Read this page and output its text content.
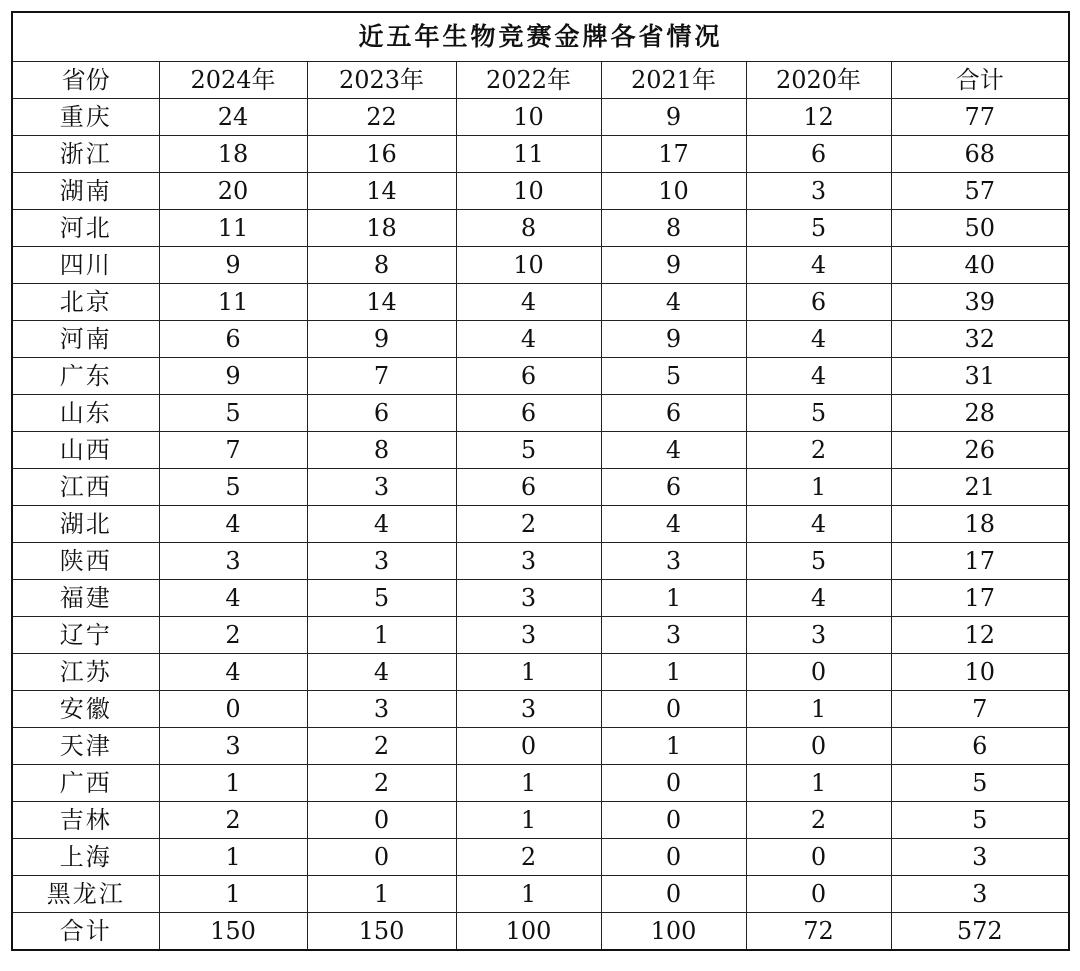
近五年生物竞赛金牌各省情况						
省份	2024年	2023年	2022年	2021年	2020年	合计
重庆	24	22	10	9	12	77
浙江	18	16	11	17	6	68
湖南	20	14	10	10	3	57
河北	11	18	8	8	5	50
四川	9	8	10	9	4	40
北京	11	14	4	4	6	39
河南	6	9	4	9	4	32
广东	9	7	6	5	4	31
山东	5	6	6	6	5	28
山西	7	8	5	4	2	26
江西	5	3	6	6	1	21
湖北	4	4	2	4	4	18
陕西	3	3	3	3	5	17
福建	4	5	3	1	4	17
辽宁	2	1	3	3	3	12
江苏	4	4	1	1	0	10
安徽	0	3	3	0	1	7
天津	3	2	0	1	0	6
广西	1	2	1	0	1	5
吉林	2	0	1	0	2	5
上海	1	0	2	0	0	3
黑龙江	1	1	1	0	0	3
合计	150	150	100	100	72	572
